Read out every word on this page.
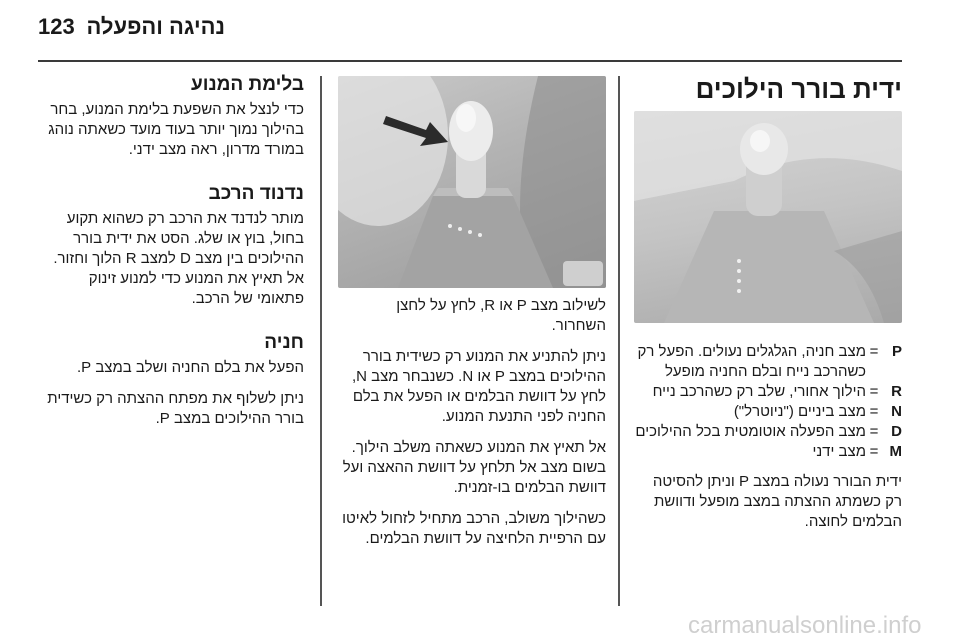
123 נהיגה והפעלה
בלימת המנוע

כדי לנצל את השפעת בלימת המנוע, בחר בהילוך נמוך יותר בעוד מועד כשאתה נוהג במורד מדרון, ראה מצב ידני.

נדנוד הרכב

מותר לנדנד את הרכב רק כשהוא תקוע בחול, בוץ או שלג. הסט את ידית בורר ההילוכים בין מצב D למצב R הלוך וחזור. אל תאיץ את המנוע כדי למנוע זינוק פתאומי של הרכב.

חניה

הפעל את בלם החניה ושלב במצב P.

ניתן לשלוף את מפתח ההצתה רק כשידית בורר ההילוכים במצב P.

לשילוב מצב P או R, לחץ על לחצן השחרור.

ניתן להתניע את המנוע רק כשידית בורר ההילוכים במצב P או N. כשנבחר מצב N, לחץ על דוושת הבלמים או הפעל את בלם החניה לפני התנעת המנוע.

אל תאיץ את המנוע כשאתה משלב הילוך. בשום מצב אל תלחץ על דוושת ההאצה ועל דוושת הבלמים בו-זמנית.

כשהילוך משולב, הרכב מתחיל לזחול לאיטו עם הרפיית הלחיצה על דוושת הבלמים.

ידית בורר הילוכים
P
=
מצב חניה, הגלגלים נעולים. הפעל רק כשהרכב נייח ובלם החניה מופעל
R
=
הילוך אחורי, שלב רק כשהרכב נייח
N
=
מצב ביניים ("ניוטרל")
D
=
מצב הפעלה אוטומטית בכל ההילוכים
M
=
מצב ידני

ידית הבורר נעולה במצב P וניתן להסיטה רק כשמתג ההצתה במצב מופעל ודוושת הבלמים לחוצה.

carmanualsonline.info
